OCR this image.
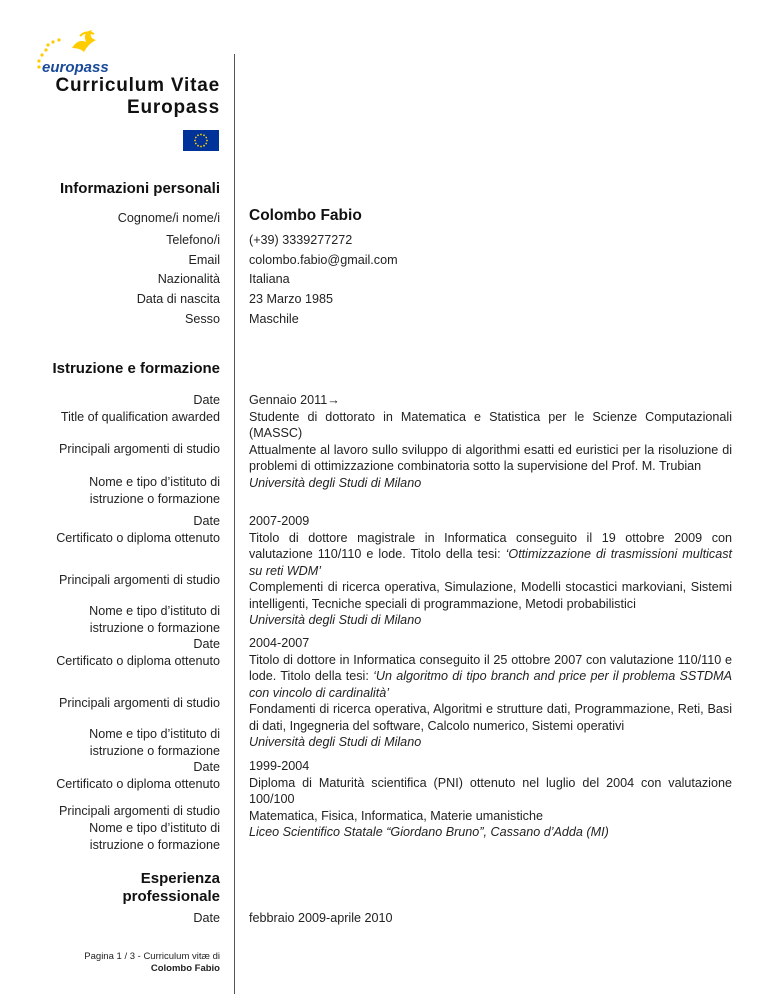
europass
Curriculum Vitae
Europass
Informazioni personali
Cognome/i nome/i Colombo Fabio
Telefono/i (+39) 3339277272
Email colombo.fabio@gmail.com
Nazionalità Italiana
Data di nascita 23 Marzo 1985
Sesso Maschile
Istruzione e formazione
Date
Title of qualification awarded
Gennaio 2011→
Studente di dottorato in Matematica e Statistica per le Scienze Computazionali (MASSC)
Attualmente al lavoro sullo sviluppo di algorithmi esatti ed euristici per la risoluzione di problemi di ottimizzazione combinatoria sotto la supervisione del Prof. M. Trubian
Università degli Studi di Milano
Principali argomenti di studio
Nome e tipo d’istituto di
istruzione o formazione
Date
Certificato o diploma ottenuto
2007-2009
Titolo di dottore magistrale in Informatica conseguito il 19 ottobre 2009 con valutazione 110/110 e lode. Titolo della tesi: ‘Ottimizzazione di trasmissioni multicast su reti WDM’
Complementi di ricerca operativa, Simulazione, Modelli stocastici markoviani, Sistemi intelligenti, Tecniche speciali di programmazione, Metodi probabilistici
Università degli Studi di Milano
Principali argomenti di studio
Nome e tipo d’istituto di
istruzione o formazione
Date
Certificato o diploma ottenuto
2004-2007
Titolo di dottore in Informatica conseguito il 25 ottobre 2007 con valutazione 110/110 e lode. Titolo della tesi: ‘Un algoritmo di tipo branch and price per il problema SSTDMA con vincolo di cardinalità’
Fondamenti di ricerca operativa, Algoritmi e strutture dati, Programmazione, Reti, Basi di dati, Ingegneria del software, Calcolo numerico, Sistemi operativi
Università degli Studi di Milano
Principali argomenti di studio
Nome e tipo d’istituto di
istruzione o formazione
Date
Certificato o diploma ottenuto
1999-2004
Diploma di Maturità scientifica (PNI) ottenuto nel luglio del 2004 con valutazione 100/100
Matematica, Fisica, Informatica, Materie umanistiche
Liceo Scientifico Statale “Giordano Bruno”, Cassano d’Adda (MI)
Principali argomenti di studio
Nome e tipo d’istituto di
istruzione o formazione
Esperienza
professionale
Date febbraio 2009-aprile 2010
Pagina 1 / 3 - Curriculum vitæ di
Colombo Fabio
